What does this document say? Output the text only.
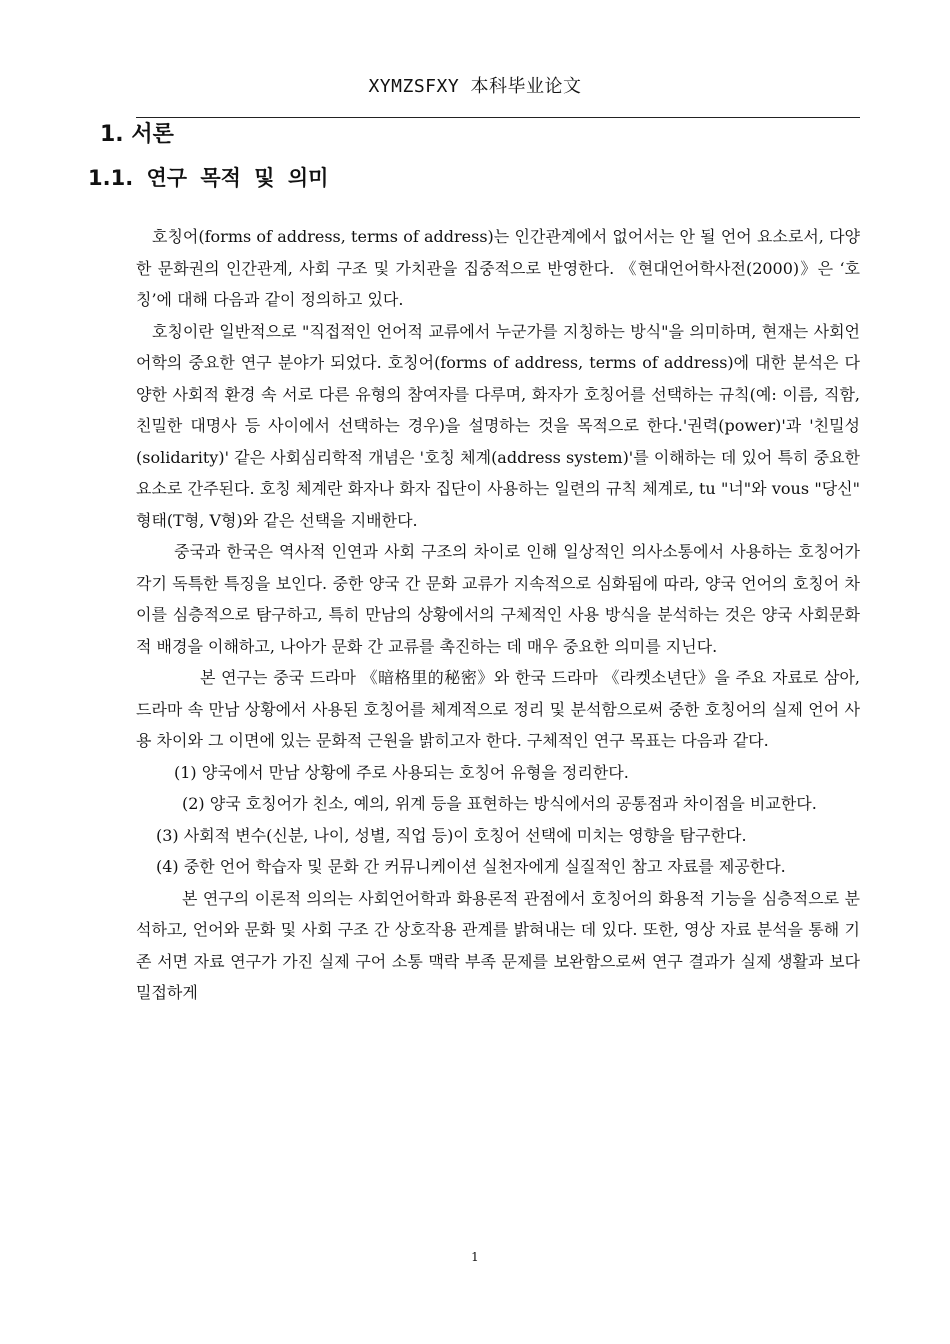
XYMZSFXY 本科毕业论文
1. 서론
1.1. 연구 목적 및 의미

호칭어(forms of address, terms of address)는 인간관계에서 없어서는 안 될 언어 요소로서, 다양한 문화권의 인간관계, 사회 구조 및 가치관을 집중적으로 반영한다. 《현대언어학사전(2000)》은 ‘호칭’에 대해 다음과 같이 정의하고 있다.

호칭이란 일반적으로 "직접적인 언어적 교류에서 누군가를 지칭하는 방식"을 의미하며, 현재는 사회언어학의 중요한 연구 분야가 되었다. 호칭어(forms of address, terms of address)에 대한 분석은 다양한 사회적 환경 속 서로 다른 유형의 참여자를 다루며, 화자가 호칭어를 선택하는 규칙(예: 이름, 직함, 친밀한 대명사 등 사이에서 선택하는 경우)을 설명하는 것을 목적으로 한다.'권력(power)'과 '친밀성(solidarity)' 같은 사회심리학적 개념은 '호칭 체계(address system)'를 이해하는 데 있어 특히 중요한 요소로 간주된다. 호칭 체계란 화자나 화자 집단이 사용하는 일련의 규칙 체계로, tu "너"와 vous "당신" 형태(T형, V형)와 같은 선택을 지배한다.

중국과 한국은 역사적 인연과 사회 구조의 차이로 인해 일상적인 의사소통에서 사용하는 호칭어가 각기 독특한 특징을 보인다. 중한 양국 간 문화 교류가 지속적으로 심화됨에 따라, 양국 언어의 호칭어 차이를 심층적으로 탐구하고, 특히 만남의 상황에서의 구체적인 사용 방식을 분석하는 것은 양국 사회문화적 배경을 이해하고, 나아가 문화 간 교류를 촉진하는 데 매우 중요한 의미를 지닌다.

본 연구는 중국 드라마 《暗格里的秘密》와 한국 드라마 《라켓소년단》을 주요 자료로 삼아, 드라마 속 만남 상황에서 사용된 호칭어를 체계적으로 정리 및 분석함으로써 중한 호칭어의 실제 언어 사용 차이와 그 이면에 있는 문화적 근원을 밝히고자 한다. 구체적인 연구 목표는 다음과 같다.

(1) 양국에서 만남 상황에 주로 사용되는 호칭어 유형을 정리한다.

(2) 양국 호칭어가 친소, 예의, 위계 등을 표현하는 방식에서의 공통점과 차이점을 비교한다.

(3) 사회적 변수(신분, 나이, 성별, 직업 등)이 호칭어 선택에 미치는 영향을 탐구한다.

(4) 중한 언어 학습자 및 문화 간 커뮤니케이션 실천자에게 실질적인 참고 자료를 제공한다.

본 연구의 이론적 의의는 사회언어학과 화용론적 관점에서 호칭어의 화용적 기능을 심층적으로 분석하고, 언어와 문화 및 사회 구조 간 상호작용 관계를 밝혀내는 데 있다. 또한, 영상 자료 분석을 통해 기존 서면 자료 연구가 가진 실제 구어 소통 맥락 부족 문제를 보완함으로써 연구 결과가 실제 생활과 보다 밀접하게

1
